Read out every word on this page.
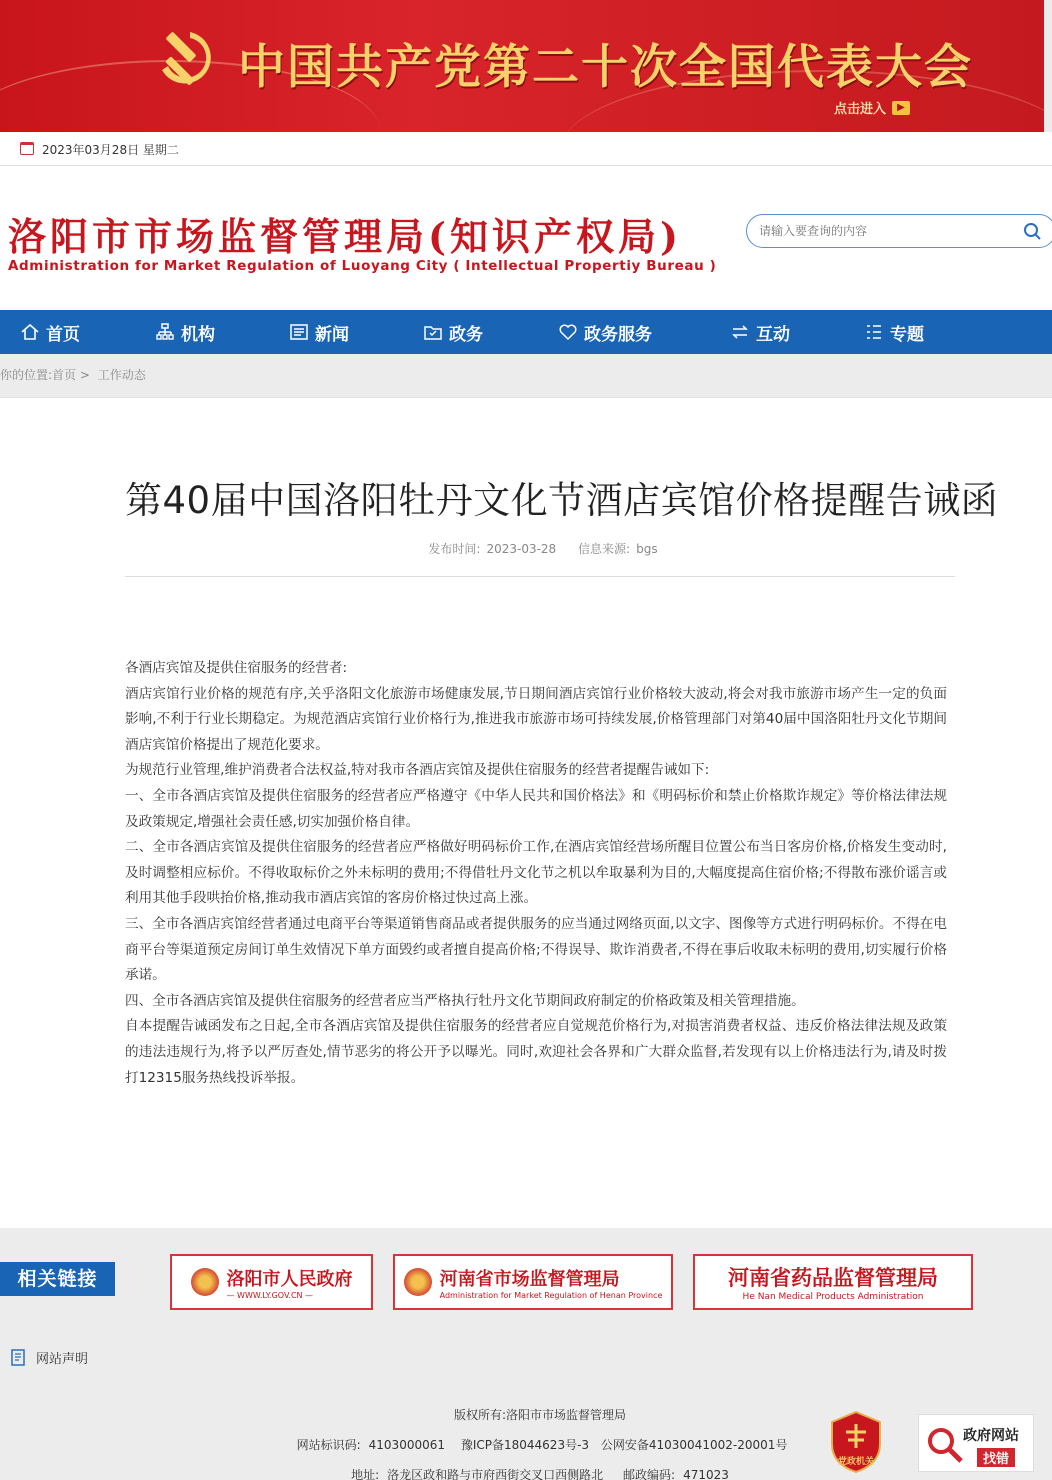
中国共产党第二十次全国代表大会
点击进入	▶
2023年03月28日 星期二
洛阳市市场监督管理局(知识产权局)
Administration for Market Regulation of Luoyang City ( Intellectual Propertiy Bureau )
请输入要查询的内容
首页	机构	新闻	政务	政务服务	互动	专题
你的位置:首页 > 工作动态
第40届中国洛阳牡丹文化节酒店宾馆价格提醒告诫函
发布时间: 2023-03-28 信息来源: bgs

各酒店宾馆及提供住宿服务的经营者:

酒店宾馆行业价格的规范有序,关乎洛阳文化旅游市场健康发展,节日期间酒店宾馆行业价格较大波动,将会对我市旅游市场产生一定的负面影响,不利于行业长期稳定。为规范酒店宾馆行业价格行为,推进我市旅游市场可持续发展,价格管理部门对第40届中国洛阳牡丹文化节期间酒店宾馆价格提出了规范化要求。

为规范行业管理,维护消费者合法权益,特对我市各酒店宾馆及提供住宿服务的经营者提醒告诫如下:

一、全市各酒店宾馆及提供住宿服务的经营者应严格遵守《中华人民共和国价格法》和《明码标价和禁止价格欺诈规定》等价格法律法规及政策规定,增强社会责任感,切实加强价格自律。

二、全市各酒店宾馆及提供住宿服务的经营者应严格做好明码标价工作,在酒店宾馆经营场所醒目位置公布当日客房价格,价格发生变动时,及时调整相应标价。不得收取标价之外未标明的费用;不得借牡丹文化节之机以牟取暴利为目的,大幅度提高住宿价格;不得散布涨价谣言或利用其他手段哄抬价格,推动我市酒店宾馆的客房价格过快过高上涨。

三、全市各酒店宾馆经营者通过电商平台等渠道销售商品或者提供服务的应当通过网络页面,以文字、图像等方式进行明码标价。不得在电商平台等渠道预定房间订单生效情况下单方面毁约或者擅自提高价格;不得误导、欺诈消费者,不得在事后收取未标明的费用,切实履行价格承诺。

四、全市各酒店宾馆及提供住宿服务的经营者应当严格执行牡丹文化节期间政府制定的价格政策及相关管理措施。

自本提醒告诫函发布之日起,全市各酒店宾馆及提供住宿服务的经营者应自觉规范价格行为,对损害消费者权益、违反价格法律法规及政策的违法违规行为,将予以严厉查处,情节恶劣的将公开予以曝光。同时,欢迎社会各界和广大群众监督,若发现有以上价格违法行为,请及时拨打12315服务热线投诉举报。

相关链接	洛阳市人民政府
— WWW.LY.GOV.CN —
河南省市场监督管理局
Administration for Market Regulation of Henan Province
河南省药品监督管理局
He Nan Medical Products Administration
网站声明
版权所有:洛阳市市场监督管理局
网站标识码: 4103000061 豫ICP备18044623号-3 公网安备41030041002-20001号
地址: 洛龙区政和路与市府西街交叉口西侧路北 邮政编码: 471023
党政机关
政府网站
找错
